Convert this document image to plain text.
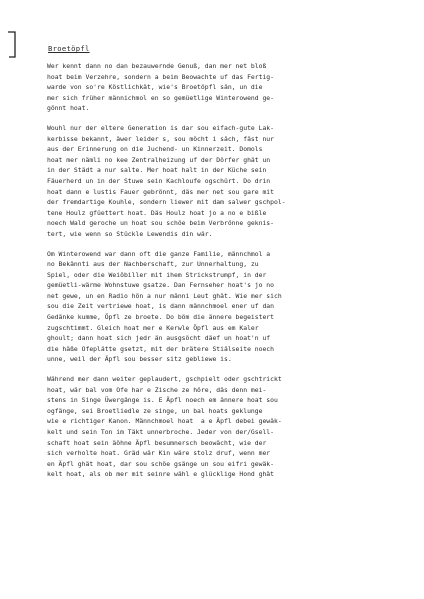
Broetöpfl
Wer kennt dann no dan bezauwernde Genuß, dan mer net bloß
hoat beim Verzehre, sondern a beim Beowachte uf das Fertig-
warde von so're Köstlichkät, wie's Broetöpfl sän, un die
mer sich früher männichmol en so gemüetlige Winterowend ge-
gönnt hoat.
Wouhl nur der eltere Generation is dar sou eifach-gute Lak-
kerbisse bekannt, äwer leider s, sou möcht i säch, fäst nur
aus der Erinnerung on die Juchend- un Kinnerzeit. Domols
hoat mer nämli no kee Zentralheizung uf der Dörfer ghät un
in der Städt a nur salte. Mer hoat halt in der Küche sein
Fäuerherd un in der Stuwe sein Kachloufe ogschürt. Do drin
hoat dann e lustis Fauer gebrönnt, däs mer net sou gare mit
der fremdartige Kouhle, sondern liewer mit dam salwer gschpol-
tene Houlz gfüettert hoat. Däs Houlz hoat jo a no e bißle
noech Wald geroche un hoat sou schöe beim Verbrönne geknis-
tert, wie wenn so Stückle Lewendis din wär.
Om Winterowend war dann oft die ganze Familie, männchmol a
no Bekännti aus der Nachberschaft, zur Unnerhaltung, zu
Spiel, oder die Weiöbiller mit ihem Strickstrumpf, in der
gemüetli-wärme Wohnstuwe gsatze. Dan Fernseher hoat's jo no
net gewe, un en Radio hön a nur männi Leut ghät. Wie mer sich
sou die Zeit vertriewe hoat, is dann männchmoel ener uf dan
Gedänke kumme, Öpfl ze broete. Do böm die ännere begeistert
zugschtimmt. Gleich hoat mer e Kerwle Öpfl aus em Kaler
ghoult; dann hoat sich jedr än ausgsöcht däef un hoat'n uf
die häße Ofeplätte gsetzt, mit der brätere Stiälseite noech
unne, weil der Äpfl sou besser sitz gebliewe is.
Während mer dann weiter geplaudert, gschpielt oder gschtrickt
hoat, wär bal vom Ofe har e Zische ze höre, däs denn mei-
stens in Singe Üwergänge is. E Äpfl noech em ännere hoat sou
ogfänge, sei Broetliedle ze singe, un bal hoats geklunge
wie e richtiger Kanon. Männchmoel hoat  a e Äpfl debei gewäk-
kelt und sein Ton im Täkt unnerbroche. Jeder von der/Gsell-
schaft hoat sein äöhne Äpfl besumnersch beowächt, wie der
sich verholte hoat. Gräd wär Kin wäre stolz druf, wenn mer
en Äpfl ghät hoat, dar sou schöe gsänge un sou eifri gewäk-
kelt hoat, als ob mer mit seinre wähl e glücklige Hond ghät
